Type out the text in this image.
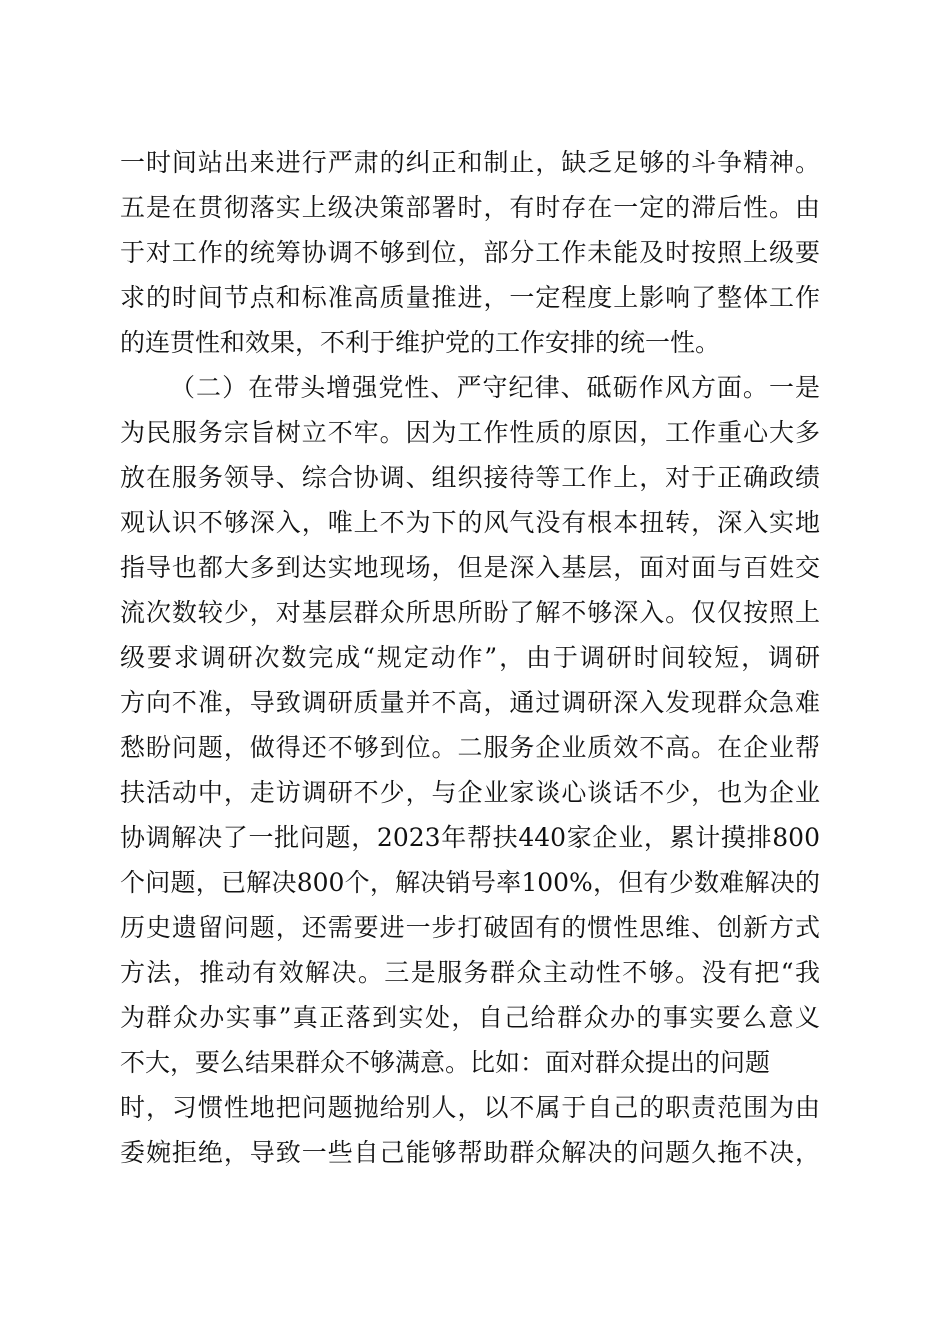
一时间站出来进行严肃的纠正和制止，缺乏足够的斗争精神。
五是在贯彻落实上级决策部署时，有时存在一定的滞后性。由
于对工作的统筹协调不够到位，部分工作未能及时按照上级要
求的时间节点和标准高质量推进，一定程度上影响了整体工作
的连贯性和效果，不利于维护党的工作安排的统一性。
（二）在带头增强党性、严守纪律、砥砺作风方面。一是
为民服务宗旨树立不牢。因为工作性质的原因，工作重心大多
放在服务领导、综合协调、组织接待等工作上，对于正确政绩
观认识不够深入，唯上不为下的风气没有根本扭转，深入实地
指导也都大多到达实地现场，但是深入基层，面对面与百姓交
流次数较少，对基层群众所思所盼了解不够深入。仅仅按照上
级要求调研次数完成“规定动作”，由于调研时间较短，调研
方向不准，导致调研质量并不高，通过调研深入发现群众急难
愁盼问题，做得还不够到位。二服务企业质效不高。在企业帮
扶活动中，走访调研不少，与企业家谈心谈话不少，也为企业
协调解决了一批问题，2023年帮扶440家企业，累计摸排800
个问题，已解决800个，解决销号率100%，但有少数难解决的
历史遗留问题，还需要进一步打破固有的惯性思维、创新方式
方法，推动有效解决。三是服务群众主动性不够。没有把“我
为群众办实事”真正落到实处，自己给群众办的事实要么意义
不大，要么结果群众不够满意。比如：面对群众提出的问题
时，习惯性地把问题抛给别人，以不属于自己的职责范围为由
委婉拒绝，导致一些自己能够帮助群众解决的问题久拖不决，
